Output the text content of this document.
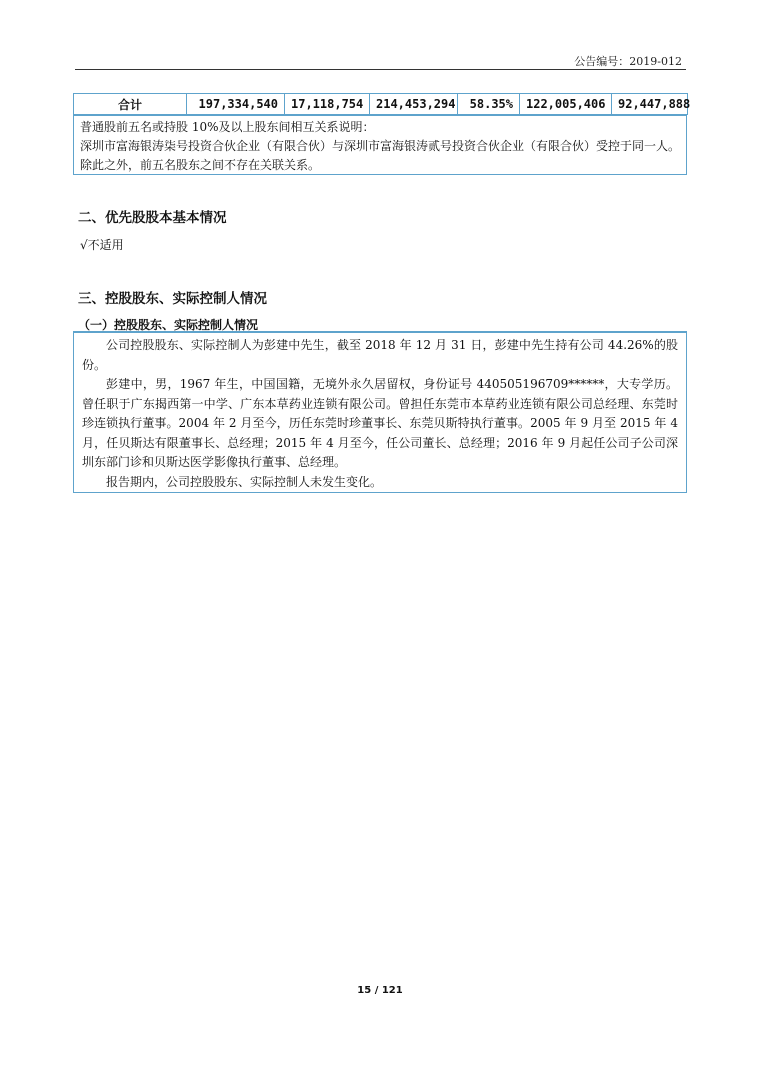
公告编号：2019-012
合计	197,334,540	17,118,754	214,453,294	58.35%	122,005,406	92,447,888

普通股前五名或持股 10%及以上股东间相互关系说明：

深圳市富海银涛柒号投资合伙企业（有限合伙）与深圳市富海银涛贰号投资合伙企业（有限合伙）受控于同一人。除此之外，前五名股东之间不存在关联关系。

二、优先股股本基本情况
√不适用
三、控股股东、实际控制人情况
（一）控股股东、实际控制人情况

公司控股股东、实际控制人为彭建中先生，截至 2018 年 12 月 31 日，彭建中先生持有公司 44.26%的股份。

彭建中，男，1967 年生，中国国籍，无境外永久居留权，身份证号 440505196709******，大专学历。曾任职于广东揭西第一中学、广东本草药业连锁有限公司。曾担任东莞市本草药业连锁有限公司总经理、东莞时珍连锁执行董事。2004 年 2 月至今，历任东莞时珍董事长、东莞贝斯特执行董事。2005 年 9 月至 2015 年 4 月，任贝斯达有限董事长、总经理；2015 年 4 月至今，任公司董长、总经理；2016 年 9 月起任公司子公司深圳东部门诊和贝斯达医学影像执行董事、总经理。

报告期内，公司控股股东、实际控制人未发生变化。

15 / 121
